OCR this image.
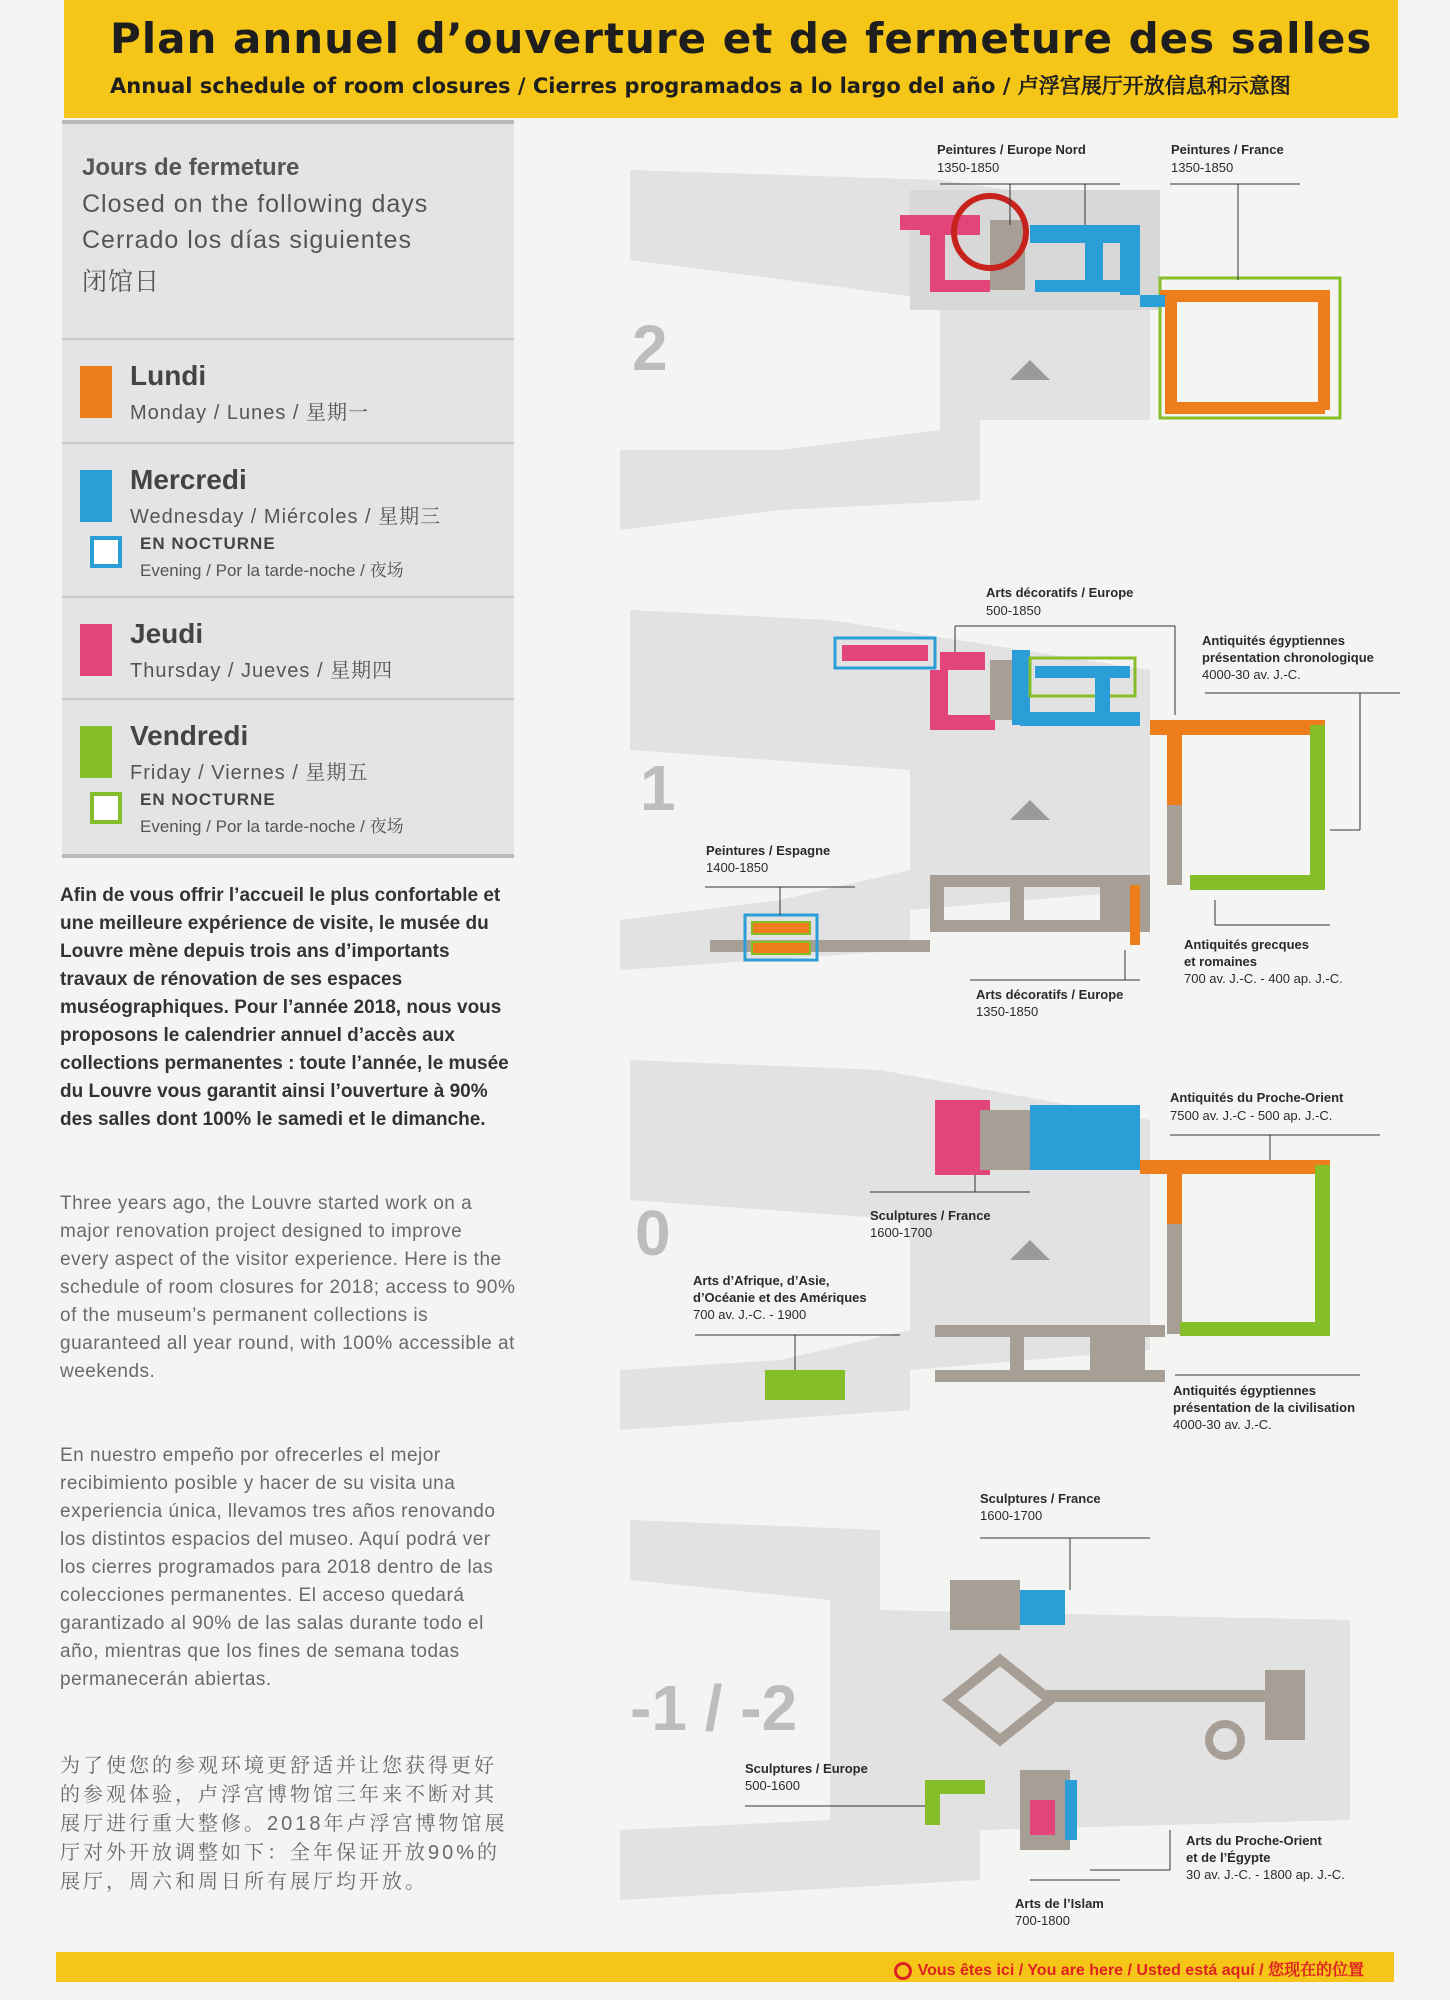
Plan annuel d’ouverture et de fermeture des salles
Annual schedule of room closures / Cierres programados a lo largo del año / 卢浮宫展厅开放信息和示意图
Jours de fermeture
Closed on the following days
Cerrado los días siguientes
闭馆日
Lundi
Monday / Lunes / 星期一
Mercredi
Wednesday / Miércoles / 星期三
EN NOCTURNE
Evening / Por la tarde-noche / 夜场
Jeudi
Thursday / Jueves / 星期四
Vendredi
Friday / Viernes / 星期五
EN NOCTURNE
Evening / Por la tarde-noche / 夜场
Afin de vous offrir l’accueil le plus confortable et une meilleure expérience de visite, le musée du Louvre mène depuis trois ans d’importants travaux de rénovation de ses espaces muséographiques. Pour l’année 2018, nous vous proposons le calendrier annuel d’accès aux collections permanentes : toute l’année, le musée du Louvre vous garantit ainsi l’ouverture à 90% des salles dont 100% le samedi et le dimanche.
Three years ago, the Louvre started work on a major renovation project designed to improve every aspect of the visitor experience. Here is the schedule of room closures for 2018; access to 90% of the museum’s permanent collections is guaranteed all year round, with 100% accessible at weekends.
En nuestro empeño por ofrecerles el mejor recibimiento posible y hacer de su visita una experiencia única, llevamos tres años renovando los distintos espacios del museo. Aquí podrá ver los cierres programados para 2018 dentro de las colecciones permanentes. El acceso quedará garantizado al 90% de las salas durante todo el año, mientras que los fines de semana todas permanecerán abiertas.
为了使您的参观环境更舒适并让您获得更好的参观体验，卢浮宫博物馆三年来不断对其展厅进行重大整修。2018年卢浮宫博物馆展厅对外开放调整如下：全年保证开放90%的展厅，周六和周日所有展厅均开放。
2
Peintures / Europe Nord
1350-1850
Peintures / France
1350-1850
1
Arts décoratifs / Europe
500-1850
Antiquités égyptiennes
présentation chronologique
4000-30 av. J.-C.
Peintures / Espagne
1400-1850
Antiquités grecques
et romaines
700 av. J.-C. - 400 ap. J.-C.
Arts décoratifs / Europe
1350-1850
0
Antiquités du Proche-Orient
7500 av. J.-C - 500 ap. J.-C.
Sculptures / France
1600-1700
Arts d’Afrique, d’Asie,
d’Océanie et des Amériques
700 av. J.-C. - 1900
Antiquités égyptiennes
présentation de la civilisation
4000-30 av. J.-C.
-1 / -2
Sculptures / France
1600-1700
Sculptures / Europe
500-1600
Arts du Proche-Orient
et de l’Égypte
30 av. J.-C. - 1800 ap. J.-C.
Arts de l’Islam
700-1800
Vous êtes ici / You are here / Usted está aquí / 您现在的位置
